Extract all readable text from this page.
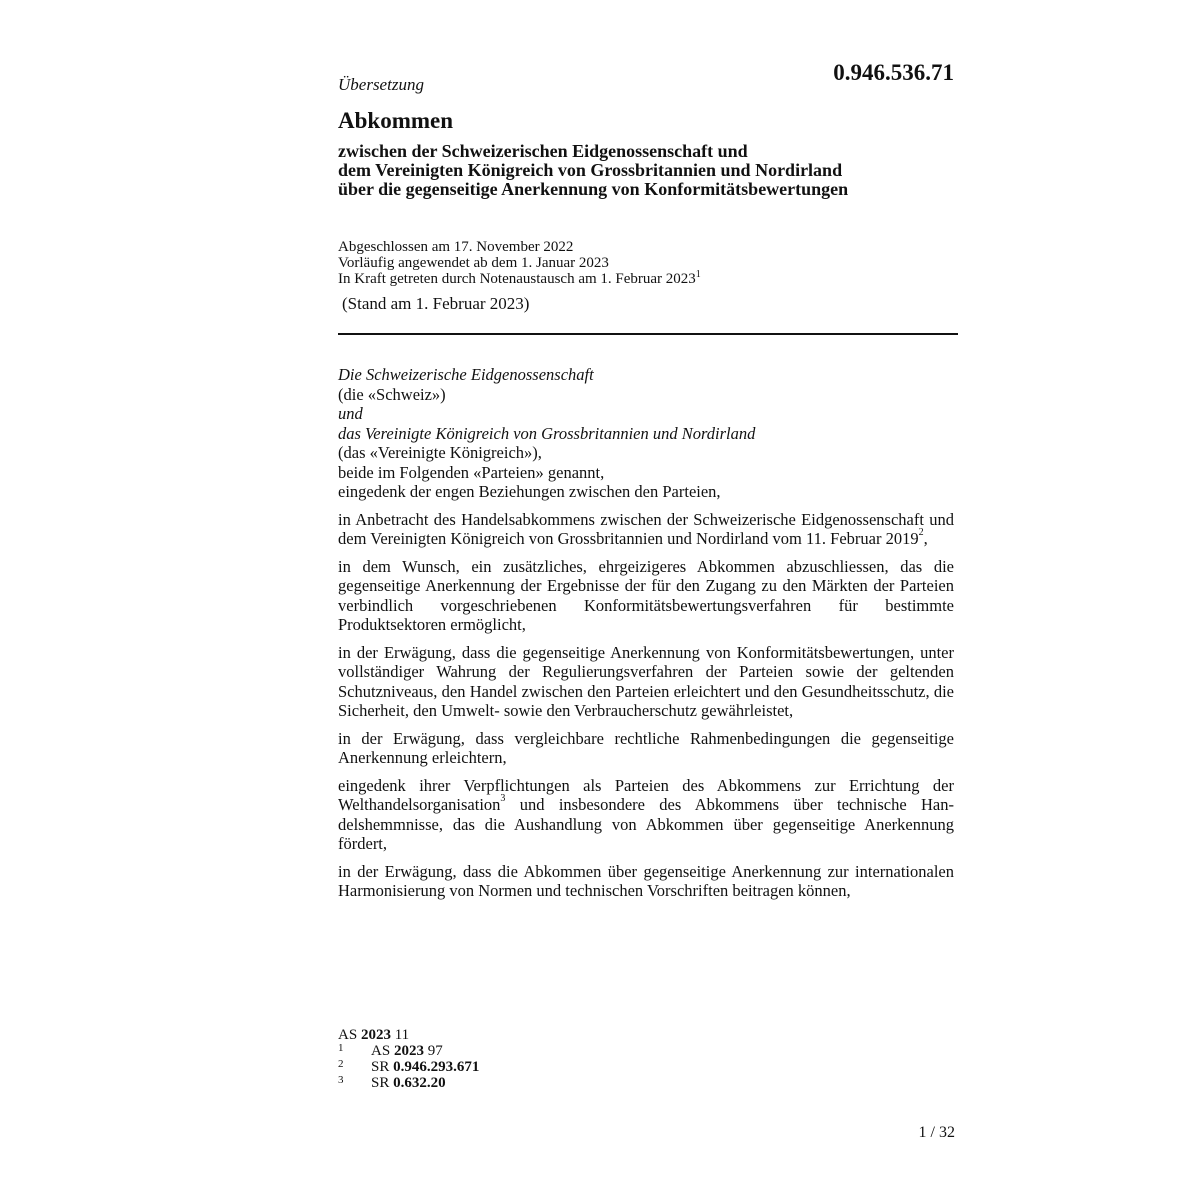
Übersetzung	0.946.536.71
Abkommen
zwischen der Schweizerischen Eidgenossenschaft und
dem Vereinigten Königreich von Grossbritannien und Nordirland
über die gegenseitige Anerkennung von Konformitätsbewertungen
Abgeschlossen am 17. November 2022
Vorläufig angewendet ab dem 1. Januar 2023
In Kraft getreten durch Notenaustausch am 1. Februar 2023$^1$
(Stand am 1. Februar 2023)
Die Schweizerische Eidgenossenschaft
(die «Schweiz»)
und
das Vereinigte Königreich von Grossbritannien und Nordirland
(das «Vereinigte Königreich»),
beide im Folgenden «Parteien» genannt,
eingedenk der engen Beziehungen zwischen den Parteien,

in Anbetracht des Handelsabkommens zwischen der Schweizerische Eidgenossenschaft und dem Vereinigten Königreich von Grossbritannien und Nordirland vom 11. Februar 2019$^2$,

in dem Wunsch, ein zusätzliches, ehrgeizigeres Abkommen abzuschliessen, das die gegenseitige Anerkennung der Ergebnisse der für den Zugang zu den Märkten der Parteien verbindlich vorgeschriebenen Konformitätsbewertungsverfahren für bestimmte Produktsektoren ermöglicht,

in der Erwägung, dass die gegenseitige Anerkennung von Konformitätsbewertungen, unter vollständiger Wahrung der Regulierungsverfahren der Parteien sowie der geltenden Schutzniveaus, den Handel zwischen den Parteien erleichtert und den Gesundheitsschutz, die Sicherheit, den Umwelt- sowie den Verbraucherschutz gewährleistet,

in der Erwägung, dass vergleichbare rechtliche Rahmenbedingungen die gegenseitige Anerkennung erleichtern,

eingedenk ihrer Verpflichtungen als Parteien des Abkommens zur Errichtung der Welthandelsorganisation$^3$ und insbesondere des Abkommens über technische Handelshemmnisse, das die Aushandlung von Abkommen über gegenseitige Anerkennung fördert,

in der Erwägung, dass die Abkommen über gegenseitige Anerkennung zur internationalen Harmonisierung von Normen und technischen Vorschriften beitragen können,

AS 2023 11
1	AS 2023 97
2	SR 0.946.293.671
3	SR 0.632.20
1 / 32
